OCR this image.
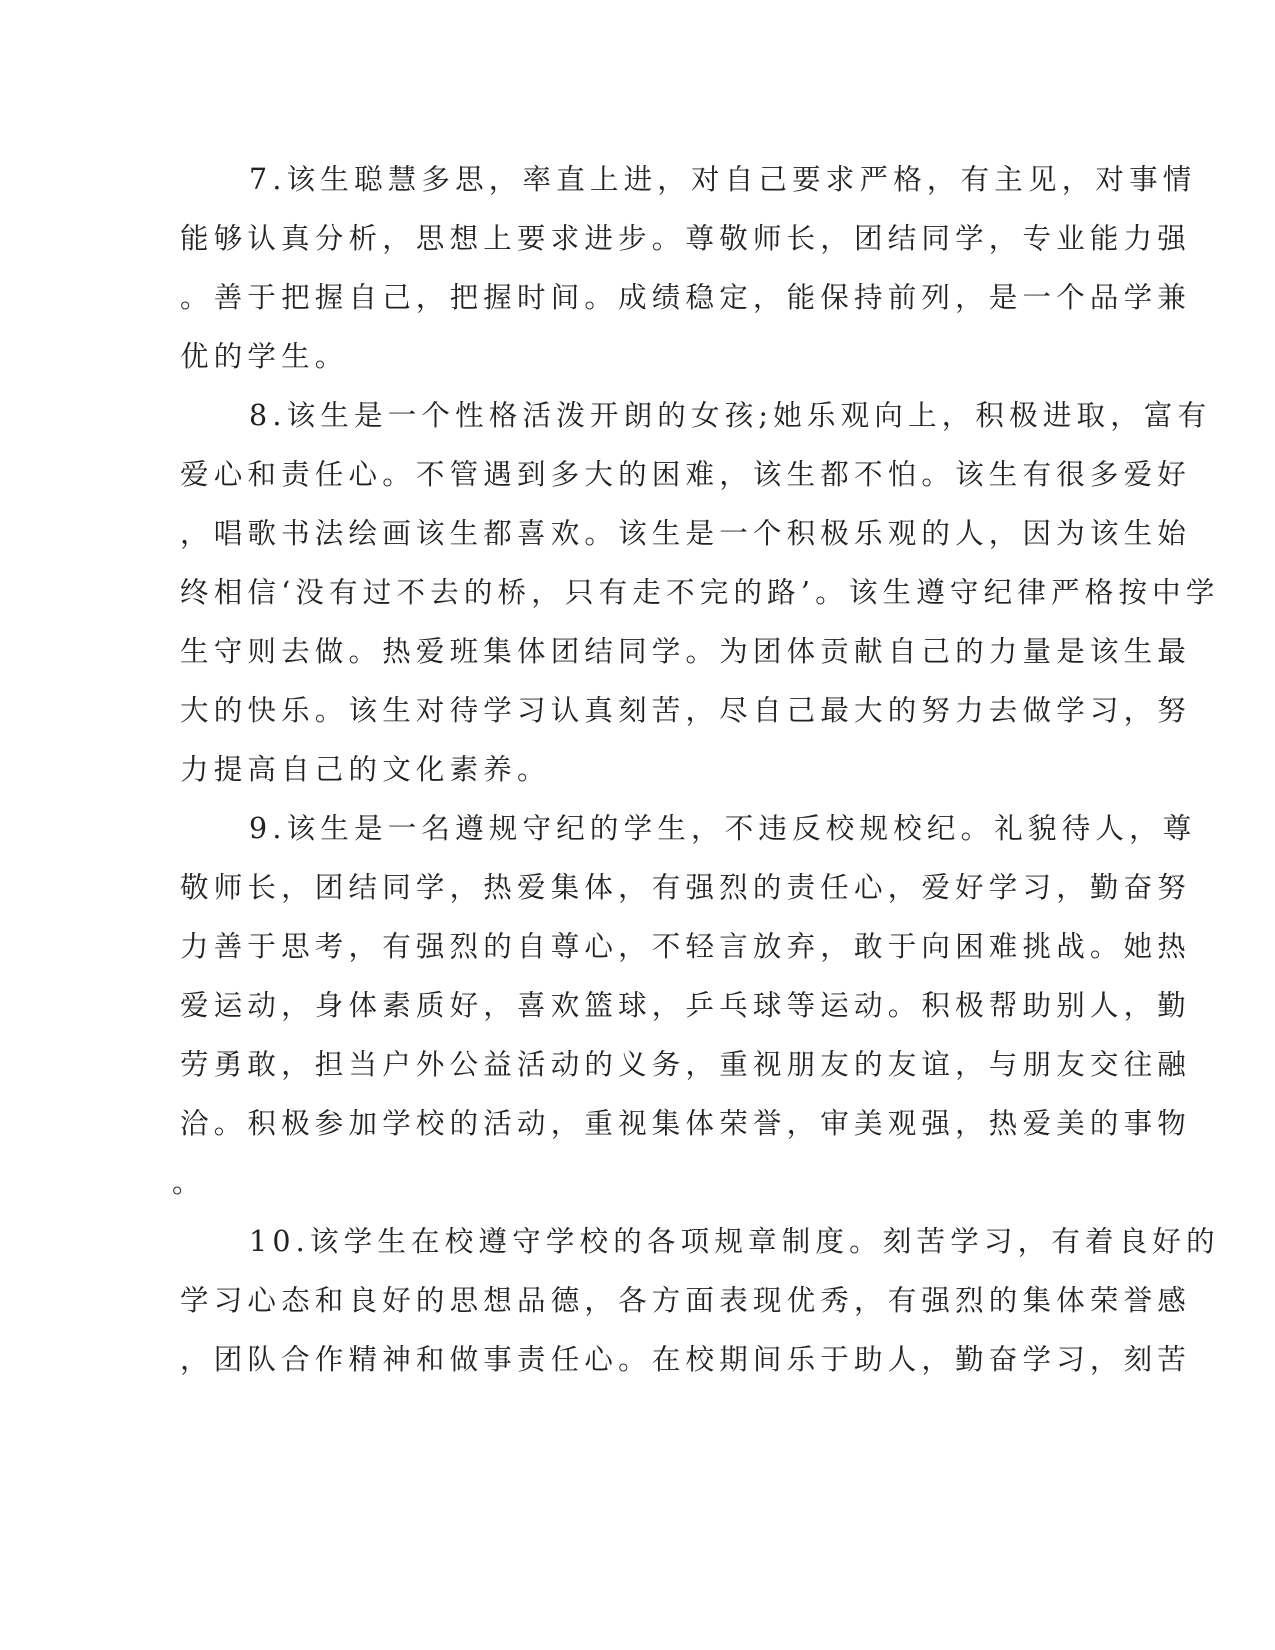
7.该生聪慧多思，率直上进，对自己要求严格，有主见，对事情

能够认真分析，思想上要求进步。尊敬师长，团结同学，专业能力强

。善于把握自己，把握时间。成绩稳定，能保持前列，是一个品学兼

优的学生。

8.该生是一个性格活泼开朗的女孩;她乐观向上，积极进取，富有

爱心和责任心。不管遇到多大的困难，该生都不怕。该生有很多爱好

，唱歌书法绘画该生都喜欢。该生是一个积极乐观的人，因为该生始

终相信‘没有过不去的桥，只有走不完的路’。该生遵守纪律严格按中学

生守则去做。热爱班集体团结同学。为团体贡献自己的力量是该生最

大的快乐。该生对待学习认真刻苦，尽自己最大的努力去做学习，努

力提高自己的文化素养。

9.该生是一名遵规守纪的学生，不违反校规校纪。礼貌待人，尊

敬师长，团结同学，热爱集体，有强烈的责任心，爱好学习，勤奋努

力善于思考，有强烈的自尊心，不轻言放弃，敢于向困难挑战。她热

爱运动，身体素质好，喜欢篮球，乒乓球等运动。积极帮助别人，勤

劳勇敢，担当户外公益活动的义务，重视朋友的友谊，与朋友交往融

洽。积极参加学校的活动，重视集体荣誉，审美观强，热爱美的事物

。

10.该学生在校遵守学校的各项规章制度。刻苦学习，有着良好的

学习心态和良好的思想品德，各方面表现优秀，有强烈的集体荣誉感

，团队合作精神和做事责任心。在校期间乐于助人，勤奋学习，刻苦
